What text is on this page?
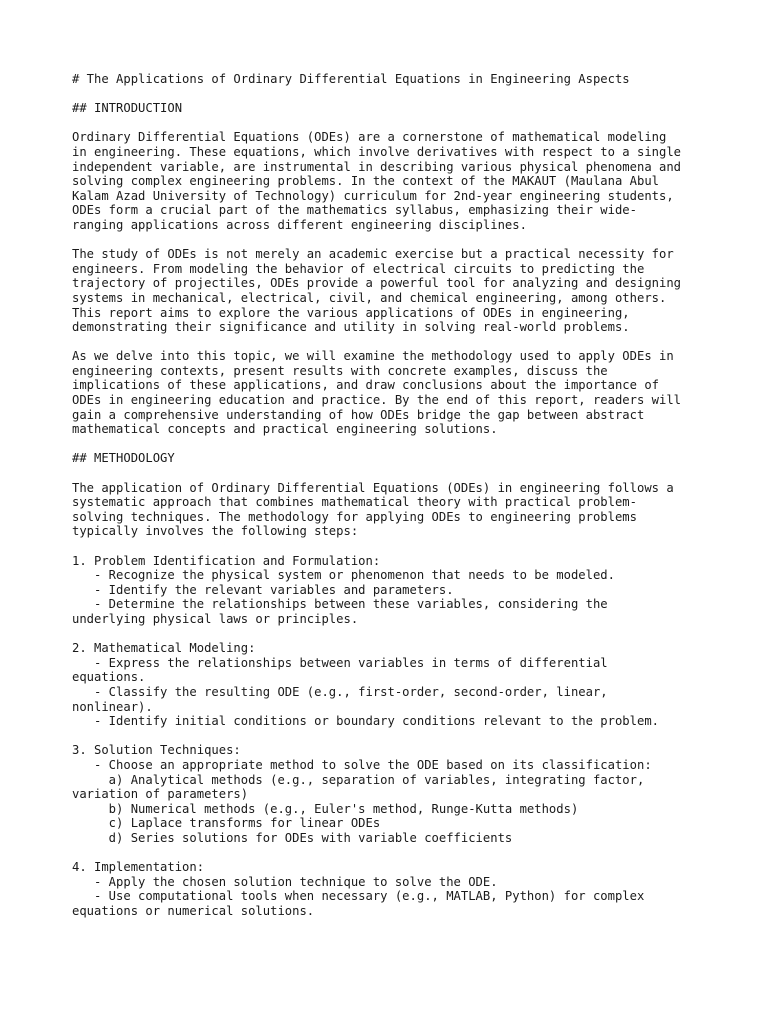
# The Applications of Ordinary Differential Equations in Engineering Aspects
## INTRODUCTION
Ordinary Differential Equations (ODEs) are a cornerstone of mathematical modeling
in engineering. These equations, which involve derivatives with respect to a single
independent variable, are instrumental in describing various physical phenomena and
solving complex engineering problems. In the context of the MAKAUT (Maulana Abul
Kalam Azad University of Technology) curriculum for 2nd-year engineering students,
ODEs form a crucial part of the mathematics syllabus, emphasizing their wide-
ranging applications across different engineering disciplines.
The study of ODEs is not merely an academic exercise but a practical necessity for
engineers. From modeling the behavior of electrical circuits to predicting the
trajectory of projectiles, ODEs provide a powerful tool for analyzing and designing
systems in mechanical, electrical, civil, and chemical engineering, among others.
This report aims to explore the various applications of ODEs in engineering,
demonstrating their significance and utility in solving real-world problems.
As we delve into this topic, we will examine the methodology used to apply ODEs in
engineering contexts, present results with concrete examples, discuss the
implications of these applications, and draw conclusions about the importance of
ODEs in engineering education and practice. By the end of this report, readers will
gain a comprehensive understanding of how ODEs bridge the gap between abstract
mathematical concepts and practical engineering solutions.
## METHODOLOGY
The application of Ordinary Differential Equations (ODEs) in engineering follows a
systematic approach that combines mathematical theory with practical problem-
solving techniques. The methodology for applying ODEs to engineering problems
typically involves the following steps:
1. Problem Identification and Formulation:
- Recognize the physical system or phenomenon that needs to be modeled.
- Identify the relevant variables and parameters.
- Determine the relationships between these variables, considering the
underlying physical laws or principles.
2. Mathematical Modeling:
- Express the relationships between variables in terms of differential
equations.
- Classify the resulting ODE (e.g., first-order, second-order, linear,
nonlinear).
- Identify initial conditions or boundary conditions relevant to the problem.
3. Solution Techniques:
- Choose an appropriate method to solve the ODE based on its classification:
a) Analytical methods (e.g., separation of variables, integrating factor,
variation of parameters)
b) Numerical methods (e.g., Euler's method, Runge-Kutta methods)
c) Laplace transforms for linear ODEs
d) Series solutions for ODEs with variable coefficients
4. Implementation:
- Apply the chosen solution technique to solve the ODE.
- Use computational tools when necessary (e.g., MATLAB, Python) for complex
equations or numerical solutions.
